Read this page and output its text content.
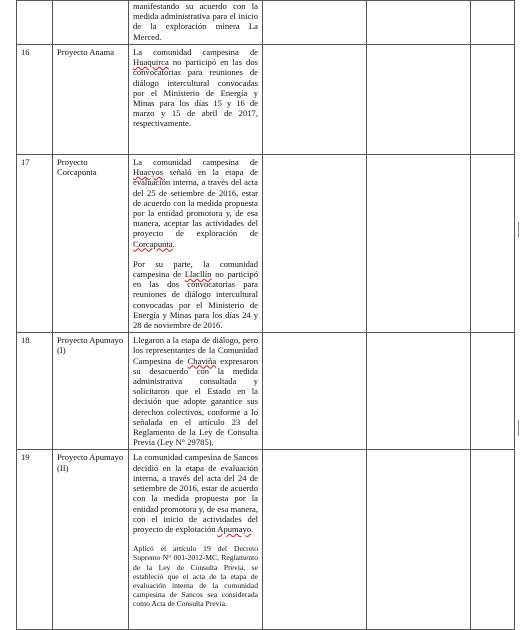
		manifestando su acuerdo con la medida administrativa para el inicio de la exploración minera La Merced.			
16	Proyecto Anama	La comunidad campesina de Huaquirca no participó en las dos convocatorias para reuniones de diálogo intercultural convocadas por el Ministerio de Energía y Minas para los días 15 y 16 de marzo y 15 de abril de 2017, respectivamente.			
17	Proyecto Corcapunta	La comunidad campesina de Huacyos señaló en la etapa de evaluación interna, a través del acta del 25 de setiembre de 2016, estar de acuerdo con la medida propuesta por la entidad promotora y, de esa manera, aceptar las actividades del proyecto de exploración de Corcapunta.
Por su parte, la comunidad campesina de Llacllín no participó en las dos convocatorias para reuniones de diálogo intercultural convocadas por el Ministerio de Energía y Minas para los días 24 y 28 de noviembre de 2016.			

18	Proyecto Apumayo (I)	Llegaron a la etapa de diálogo, pero los representantes de la Comunidad Campesina de Chaviña expresaron su desacuerdo con la medida administrativa consultada y solicitaron que el Estado en la decisión que adopte garantice sus derechos colectivos, conforme a lo señalada en el artículo 23 del Reglamento de la Ley de Consulta Previa (Ley N° 29785).			
19	Proyecto Apumayo (II)	La comunidad campesina de Sancos decidió en la etapa de evaluación interna, a través del acta del 24 de setiembre de 2016, estar de acuerdo con la medida propuesta por la entidad promotora y, de esa manera, con el inicio de actividades del proyecto de explotación Apumayo.
Aplicó el artículo 19 del Decreto Supremo N° 001-2012-MC, Reglamento de la Ley de Consulta Previa, se estableció que el acta de la etapa de evaluación interna de la comunidad campesina de Sancos sea considerada como Acta de Consulta Previa.			
